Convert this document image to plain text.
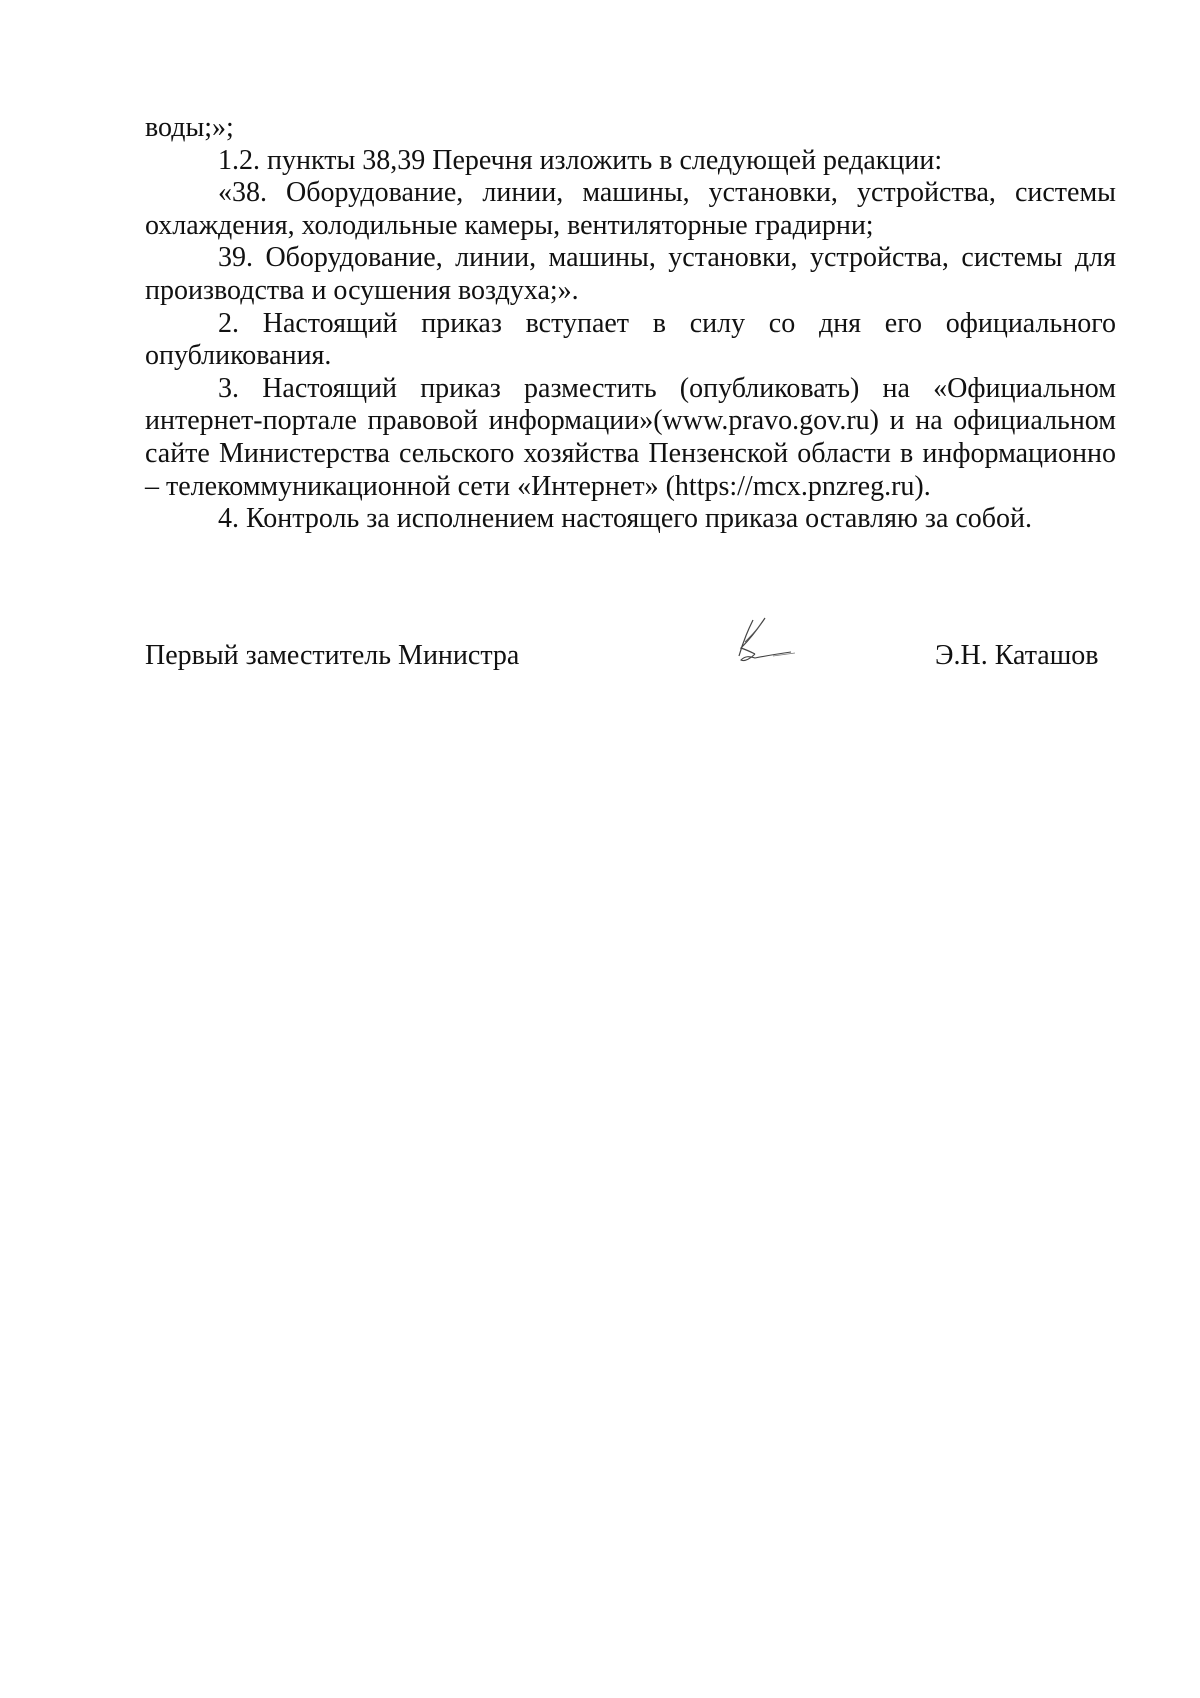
воды;»;

1.2. пункты 38,39 Перечня изложить в следующей редакции:

«38. Оборудование, линии, машины, установки, устройства, системы охлаждения, холодильные камеры, вентиляторные градирни;

39. Оборудование, линии, машины, установки, устройства, системы для производства и осушения воздуха;».

2. Настоящий приказ вступает в силу со дня его официального опубликования.

3. Настоящий приказ разместить (опубликовать) на «Официальном интернет-портале правовой информации»(www.pravo.gov.ru) и на официальном сайте Министерства сельского хозяйства Пензенской области в информационно – телекоммуникационной сети «Интернет» (https://mcx.pnzreg.ru).

4. Контроль за исполнением настоящего приказа оставляю за собой.

Первый заместитель Министра	Э.Н. Каташов
